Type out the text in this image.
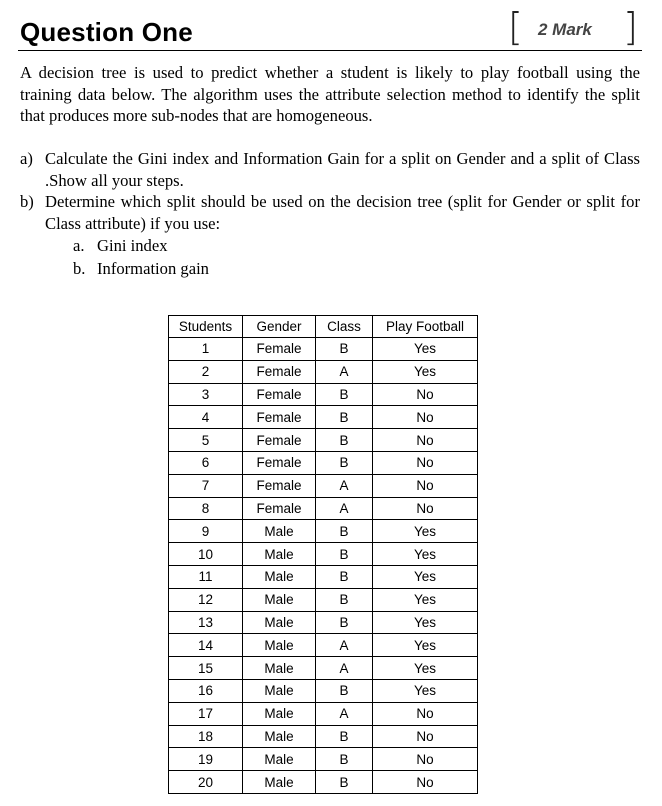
Question One	[ 2 Mark ]
A decision tree is used to predict whether a student is likely to play football using the training data below. The algorithm uses the attribute selection method to identify the split that produces more sub-nodes that are homogeneous.
a) Calculate the Gini index and Information Gain for a split on Gender and a split of Class .Show all your steps.
b) Determine which split should be used on the decision tree (split for Gender or split for Class attribute) if you use:
a. Gini index
b. Information gain
Students	Gender	Class	Play Football
1	Female	B	Yes
2	Female	A	Yes
3	Female	B	No
4	Female	B	No
5	Female	B	No
6	Female	B	No
7	Female	A	No
8	Female	A	No
9	Male	B	Yes
10	Male	B	Yes
11	Male	B	Yes
12	Male	B	Yes
13	Male	B	Yes
14	Male	A	Yes
15	Male	A	Yes
16	Male	B	Yes
17	Male	A	No
18	Male	B	No
19	Male	B	No
20	Male	B	No
